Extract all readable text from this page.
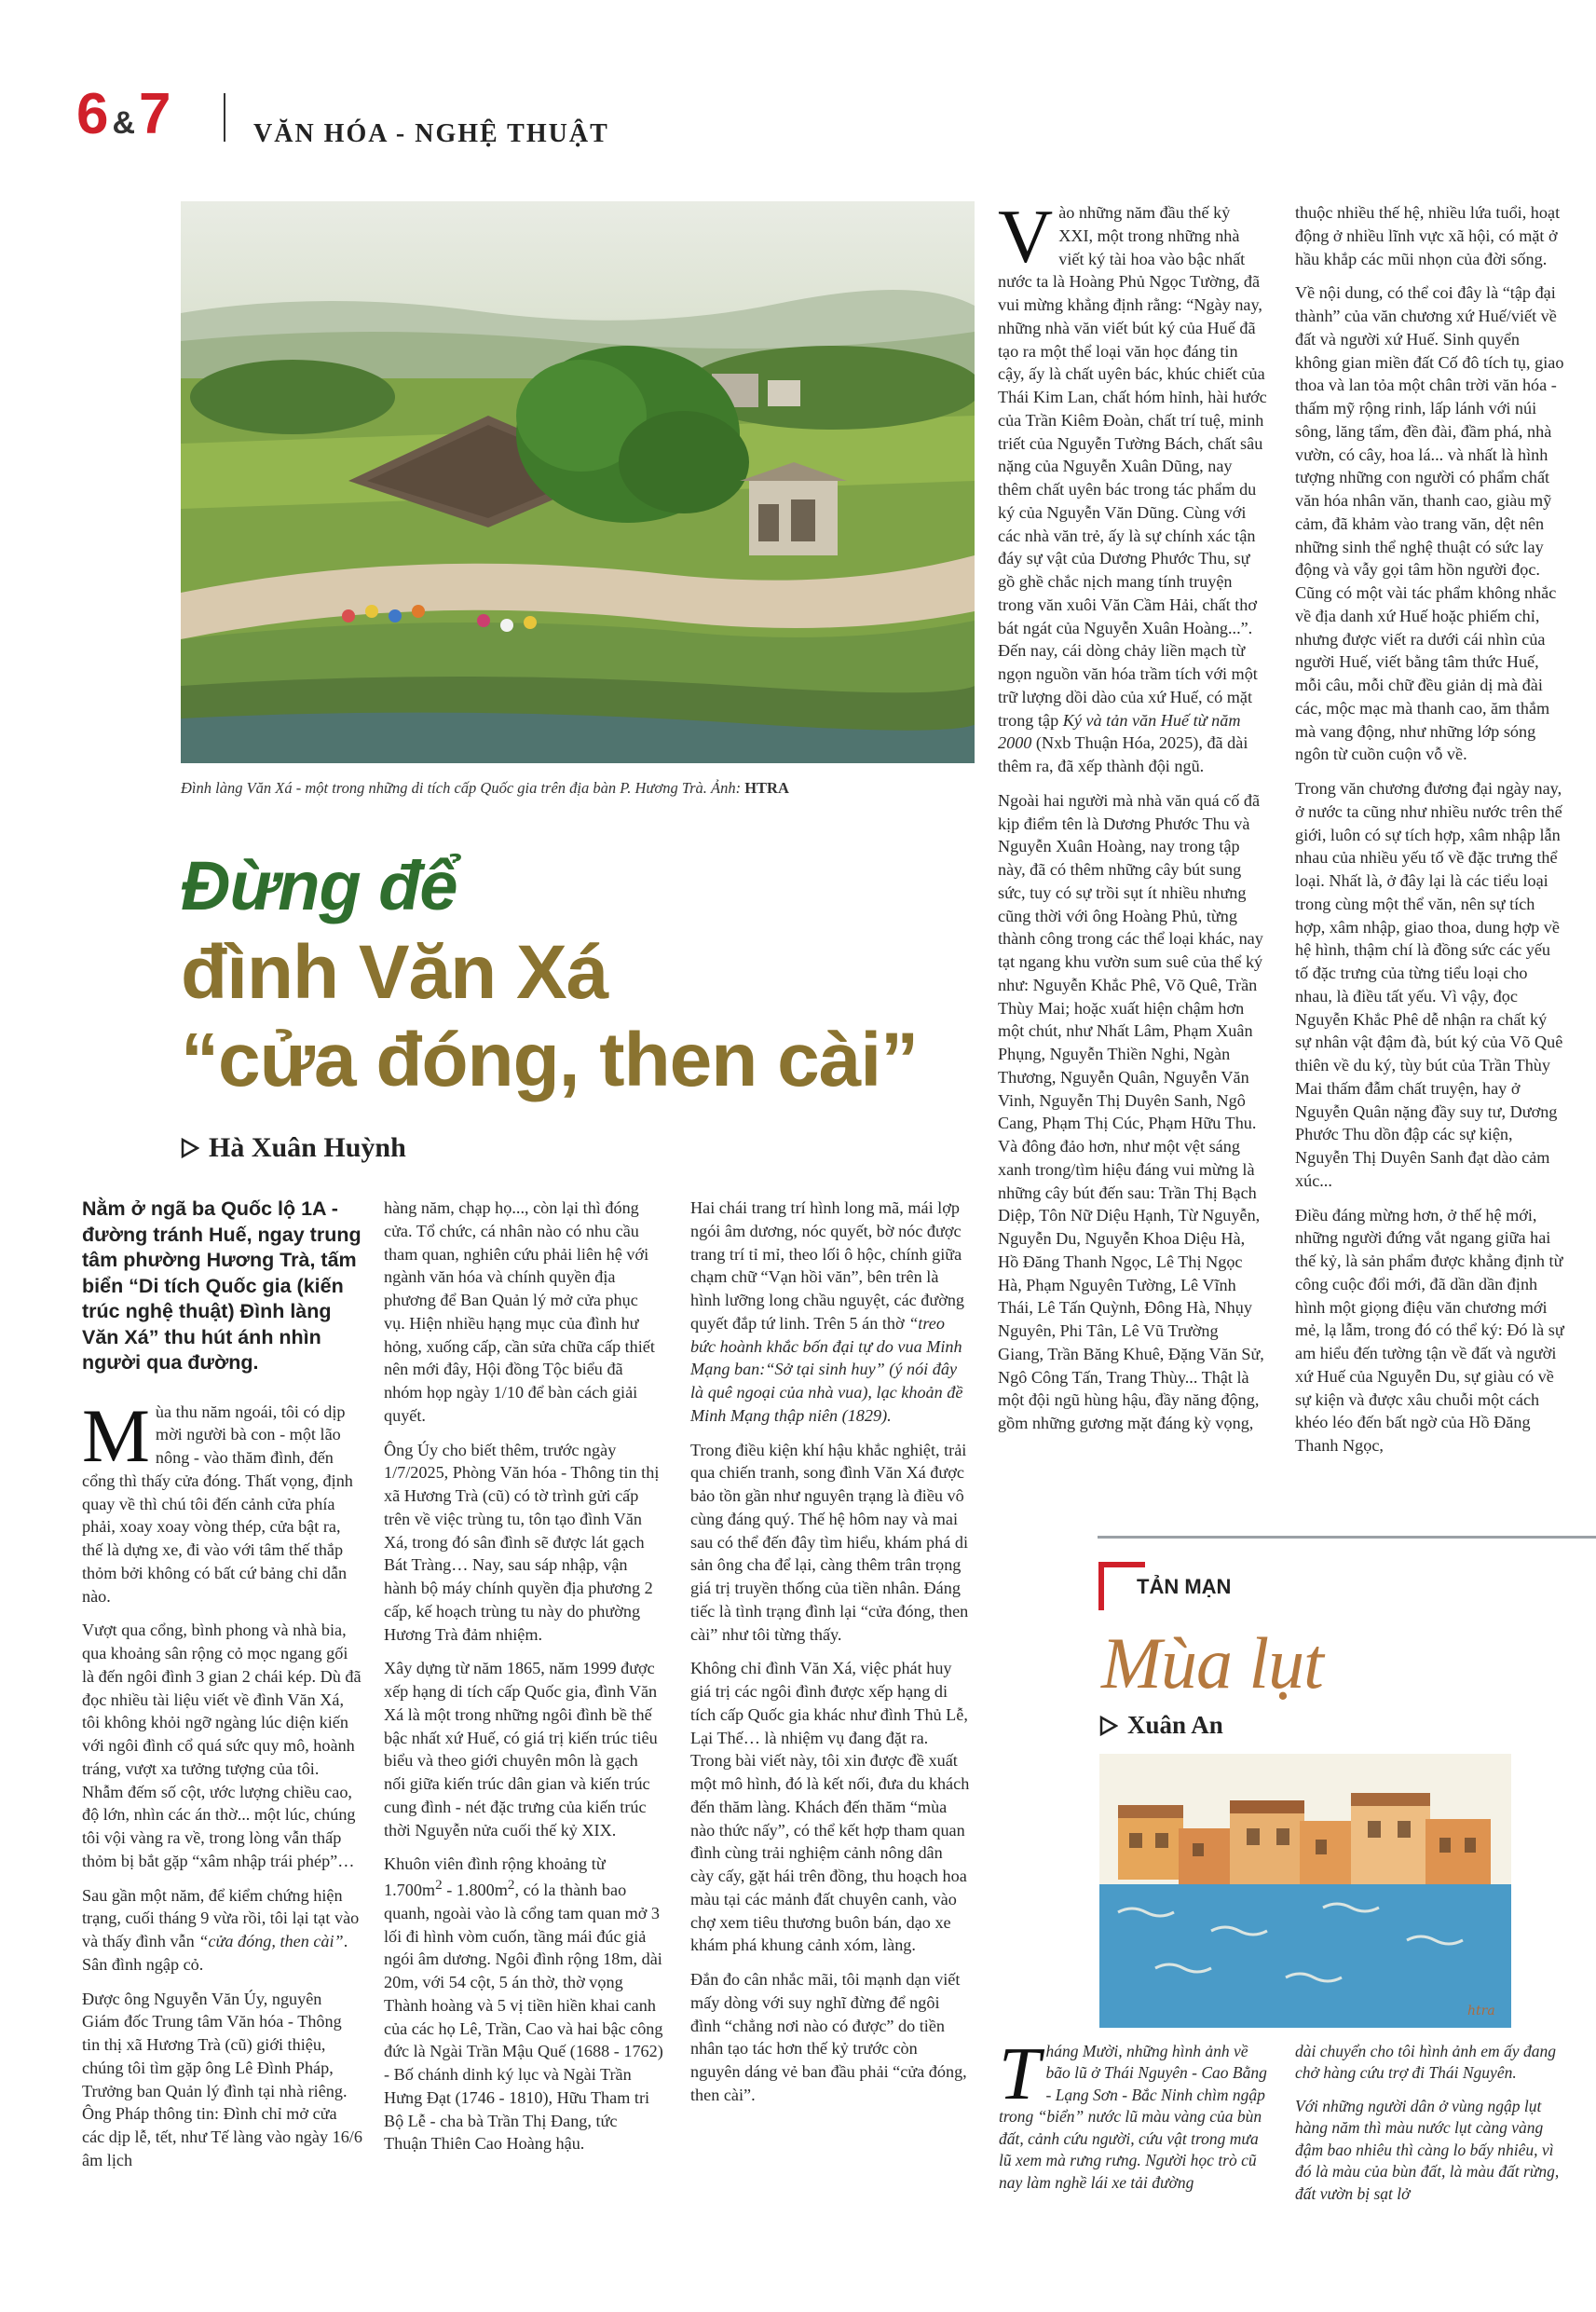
6 & 7	VĂN HÓA - NGHỆ THUẬT
Đình làng Văn Xá - một trong những di tích cấp Quốc gia trên địa bàn P. Hương Trà. Ảnh: HTRA
Đừng để
đình Văn Xá
“cửa đóng, then cài”
Hà Xuân Huỳnh

Nằm ở ngã ba Quốc lộ 1A - đường tránh Huế, ngay trung tâm phường Hương Trà, tấm biển “Di tích Quốc gia (kiến trúc nghệ thuật) Đình làng Văn Xá” thu hút ánh nhìn người qua đường.

M ùa thu năm ngoái, tôi có dịp mời người bà con - một lão nông - vào thăm đình, đến cổng thì thấy cửa đóng. Thất vọng, định quay về thì chú tôi đến cảnh cửa phía phải, xoay xoay vòng thép, cửa bật ra, thế là dựng xe, đi vào với tâm thế thắp thỏm bởi không có bất cứ bảng chỉ dẫn nào.

Vượt qua cổng, bình phong và nhà bia, qua khoảng sân rộng cỏ mọc ngang gối là đến ngôi đình 3 gian 2 chái kép. Dù đã đọc nhiều tài liệu viết về đình Văn Xá, tôi không khỏi ngỡ ngàng lúc diện kiến với ngôi đình cổ quá sức quy mô, hoành tráng, vượt xa tưởng tượng của tôi. Nhẫm đếm số cột, ước lượng chiều cao, độ lớn, nhìn các án thờ... một lúc, chúng tôi vội vàng ra về, trong lòng vẫn thấp thỏm bị bắt gặp “xâm nhập trái phép”…

Sau gần một năm, để kiểm chứng hiện trạng, cuối tháng 9 vừa rồi, tôi lại tạt vào và thấy đình vẫn “cửa đóng, then cài”. Sân đình ngập cỏ.

Được ông Nguyễn Văn Úy, nguyên Giám đốc Trung tâm Văn hóa - Thông tin thị xã Hương Trà (cũ) giới thiệu, chúng tôi tìm gặp ông Lê Đình Pháp, Trưởng ban Quản lý đình tại nhà riêng. Ông Pháp thông tin: Đình chỉ mở cửa các dịp lễ, tết, như Tế làng vào ngày 16/6 âm lịch

hàng năm, chạp họ..., còn lại thì đóng cửa. Tổ chức, cá nhân nào có nhu cầu tham quan, nghiên cứu phải liên hệ với ngành văn hóa và chính quyền địa phương để Ban Quản lý mở cửa phục vụ. Hiện nhiều hạng mục của đình hư hỏng, xuống cấp, cần sửa chữa cấp thiết nên mới đây, Hội đồng Tộc biểu đã nhóm họp ngày 1/10 để bàn cách giải quyết.

Ông Úy cho biết thêm, trước ngày 1/7/2025, Phòng Văn hóa - Thông tin thị xã Hương Trà (cũ) có tờ trình gửi cấp trên về việc trùng tu, tôn tạo đình Văn Xá, trong đó sân đình sẽ được lát gạch Bát Tràng… Nay, sau sáp nhập, vận hành bộ máy chính quyền địa phương 2 cấp, kế hoạch trùng tu này do phường Hương Trà đảm nhiệm.

Xây dựng từ năm 1865, năm 1999 được xếp hạng di tích cấp Quốc gia, đình Văn Xá là một trong những ngôi đình bề thế bậc nhất xứ Huế, có giá trị kiến trúc tiêu biểu và theo giới chuyên môn là gạch nối giữa kiến trúc dân gian và kiến trúc cung đình - nét đặc trưng của kiến trúc thời Nguyễn nửa cuối thế kỷ XIX.

Khuôn viên đình rộng khoảng từ $1.700m^2 - 1.800m^2$, có la thành bao quanh, ngoài vào là cổng tam quan mở 3 lối đi hình vòm cuốn, tầng mái đúc giả ngói âm dương. Ngôi đình rộng 18m, dài 20m, với 54 cột, 5 án thờ, thờ vọng Thành hoàng và 5 vị tiền hiền khai canh của các họ Lê, Trần, Cao và hai bậc công đức là Ngài Trần Mậu Quế (1688 - 1762) - Bố chánh dinh ký lục và Ngài Trần Hưng Đạt (1746 - 1810), Hữu Tham tri Bộ Lễ - cha bà Trần Thị Đang, tức Thuận Thiên Cao Hoàng hậu.

Hai chái trang trí hình long mã, mái lợp ngói âm dương, nóc quyết, bờ nóc được trang trí tỉ mỉ, theo lối ô hộc, chính giữa chạm chữ “Vạn hồi văn”, bên trên là hình lưỡng long chầu nguyệt, các đường quyết đắp tứ linh. Trên 5 án thờ “treo bức hoành khắc bốn đại tự do vua Minh Mạng ban:“Sở tại sinh huy” (ý nói đây là quê ngoại của nhà vua), lạc khoản đề Minh Mạng thập niên (1829).

Trong điều kiện khí hậu khắc nghiệt, trải qua chiến tranh, song đình Văn Xá được bảo tồn gần như nguyên trạng là điều vô cùng đáng quý. Thế hệ hôm nay và mai sau có thể đến đây tìm hiểu, khám phá di sản ông cha để lại, càng thêm trân trọng giá trị truyền thống của tiền nhân. Đáng tiếc là tình trạng đình lại “cửa đóng, then cài” như tôi từng thấy.

Không chỉ đình Văn Xá, việc phát huy giá trị các ngôi đình được xếp hạng di tích cấp Quốc gia khác như đình Thủ Lễ, Lại Thế… là nhiệm vụ đang đặt ra. Trong bài viết này, tôi xin được đề xuất một mô hình, đó là kết nối, đưa du khách đến thăm làng. Khách đến thăm “mùa nào thức nấy”, có thể kết hợp tham quan đình cùng trải nghiệm cảnh nông dân cày cấy, gặt hái trên đồng, thu hoạch hoa màu tại các mảnh đất chuyên canh, vào chợ xem tiêu thương buôn bán, dạo xe khám phá khung cảnh xóm, làng.

Đắn đo cân nhắc mãi, tôi mạnh dạn viết mấy dòng với suy nghĩ đừng để ngôi đình “chẳng nơi nào có được” do tiền nhân tạo tác hơn thế kỷ trước còn nguyên dáng vẻ ban đầu phải “cửa đóng, then cài”.

V ào những năm đầu thế kỷ XXI, một trong những nhà viết ký tài hoa vào bậc nhất nước ta là Hoàng Phủ Ngọc Tường, đã vui mừng khẳng định rằng: “Ngày nay, những nhà văn viết bút ký của Huế đã tạo ra một thể loại văn học đáng tin cậy, ấy là chất uyên bác, khúc chiết của Thái Kim Lan, chất hóm hỉnh, hài hước của Trần Kiêm Đoàn, chất trí tuệ, minh triết của Nguyễn Tường Bách, chất sâu nặng của Nguyễn Xuân Dũng, nay thêm chất uyên bác trong tác phẩm du ký của Nguyễn Văn Dũng. Cùng với các nhà văn trẻ, ấy là sự chính xác tận đáy sự vật của Dương Phước Thu, sự gồ ghề chắc nịch mang tính truyện trong văn xuôi Văn Cầm Hải, chất thơ bát ngát của Nguyễn Xuân Hoàng...”. Đến nay, cái dòng chảy liền mạch từ ngọn nguồn văn hóa trầm tích với một trữ lượng dồi dào của xứ Huế, có mặt trong tập Ký và tản văn Huế từ năm 2000 (Nxb Thuận Hóa, 2025), đã dài thêm ra, đã xếp thành đội ngũ.

Ngoài hai người mà nhà văn quá cố đã kịp điểm tên là Dương Phước Thu và Nguyễn Xuân Hoàng, nay trong tập này, đã có thêm những cây bút sung sức, tuy có sự trồi sụt ít nhiều nhưng cũng thời với ông Hoàng Phủ, từng thành công trong các thể loại khác, nay tạt ngang khu vườn sum suê của thể ký như: Nguyễn Khắc Phê, Võ Quê, Trần Thùy Mai; hoặc xuất hiện chậm hơn một chút, như Nhất Lâm, Phạm Xuân Phụng, Nguyễn Thiền Nghi, Ngàn Thương, Nguyễn Quân, Nguyễn Văn Vinh, Nguyễn Thị Duyên Sanh, Ngô Cang, Phạm Thị Cúc, Phạm Hữu Thu. Và đông đảo hơn, như một vệt sáng xanh trong/tìm hiệu đáng vui mừng là những cây bút đến sau: Trần Thị Bạch Diệp, Tôn Nữ Diệu Hạnh, Từ Nguyễn, Nguyễn Du, Nguyễn Khoa Diệu Hà, Hồ Đăng Thanh Ngọc, Lê Thị Ngọc Hà, Phạm Nguyên Tường, Lê Vĩnh Thái, Lê Tấn Quỳnh, Đông Hà, Nhụy Nguyên, Phi Tân, Lê Vũ Trường Giang, Trần Băng Khuê, Đặng Văn Sử, Ngô Công Tấn, Trang Thùy... Thật là một đội ngũ hùng hậu, đầy năng động, gồm những gương mặt đáng kỳ vọng,

thuộc nhiều thế hệ, nhiều lứa tuổi, hoạt động ở nhiều lĩnh vực xã hội, có mặt ở hầu khắp các mũi nhọn của đời sống.

Về nội dung, có thể coi đây là “tập đại thành” của văn chương xứ Huế/viết về đất và người xứ Huế. Sinh quyển không gian miền đất Cố đô tích tụ, giao thoa và lan tỏa một chân trời văn hóa - thấm mỹ rộng rinh, lấp lánh với núi sông, lăng tẩm, đền đài, đầm phá, nhà vườn, có cây, hoa lá... và nhất là hình tượng những con người có phẩm chất văn hóa nhân văn, thanh cao, giàu mỹ cảm, đã khảm vào trang văn, dệt nên những sinh thể nghệ thuật có sức lay động và vẫy gọi tâm hồn người đọc. Cũng có một vài tác phẩm không nhắc về địa danh xứ Huế hoặc phiếm chỉ, nhưng được viết ra dưới cái nhìn của người Huế, viết bằng tâm thức Huế, mỗi câu, mỗi chữ đều giản dị mà đài các, mộc mạc mà thanh cao, ăm thắm mà vang động, như những lớp sóng ngôn từ cuồn cuộn vỗ về.

Trong văn chương đương đại ngày nay, ở nước ta cũng như nhiều nước trên thế giới, luôn có sự tích hợp, xâm nhập lẫn nhau của nhiều yếu tố về đặc trưng thể loại. Nhất là, ở đây lại là các tiểu loại trong cùng một thể văn, nên sự tích hợp, xâm nhập, giao thoa, dung hợp về hệ hình, thậm chí là đồng sức các yếu tố đặc trưng của từng tiểu loại cho nhau, là điều tất yếu. Vì vậy, đọc Nguyễn Khắc Phê dễ nhận ra chất ký sự nhân vật đậm đà, bút ký của Võ Quê thiên về du ký, tùy bút của Trần Thùy Mai thấm đẫm chất truyện, hay ở Nguyễn Quân nặng đầy suy tư, Dương Phước Thu dồn đập các sự kiện, Nguyễn Thị Duyên Sanh đạt dào cảm xúc...

Điều đáng mừng hơn, ở thế hệ mới, những người đứng vắt ngang giữa hai thế kỷ, là sản phẩm được khẳng định từ công cuộc đổi mới, đã dần dần định hình một giọng điệu văn chương mới mẻ, lạ lẫm, trong đó có thể ký: Đó là sự am hiểu đến tường tận về đất và người xứ Huế của Nguyễn Du, sự giàu có về sự kiện và được xâu chuỗi một cách khéo léo đến bất ngờ của Hồ Đăng Thanh Ngọc,

TẢN MẠN
Mùa lụt
Xuân An
htra

T háng Mười, những hình ảnh về bão lũ ở Thái Nguyên - Cao Bằng - Lạng Sơn - Bắc Ninh chìm ngập trong “biển” nước lũ màu vàng của bùn đất, cảnh cứu người, cứu vật trong mưa lũ xem mà rưng rưng. Người học trò cũ nay làm nghề lái xe tải đường

dài chuyển cho tôi hình ảnh em ấy đang chở hàng cứu trợ đi Thái Nguyên.

Với những người dân ở vùng ngập lụt hàng năm thì màu nước lụt càng vàng đậm bao nhiêu thì càng lo bấy nhiêu, vì đó là màu của bùn đất, là màu đất rừng, đất vườn bị sạt lở
